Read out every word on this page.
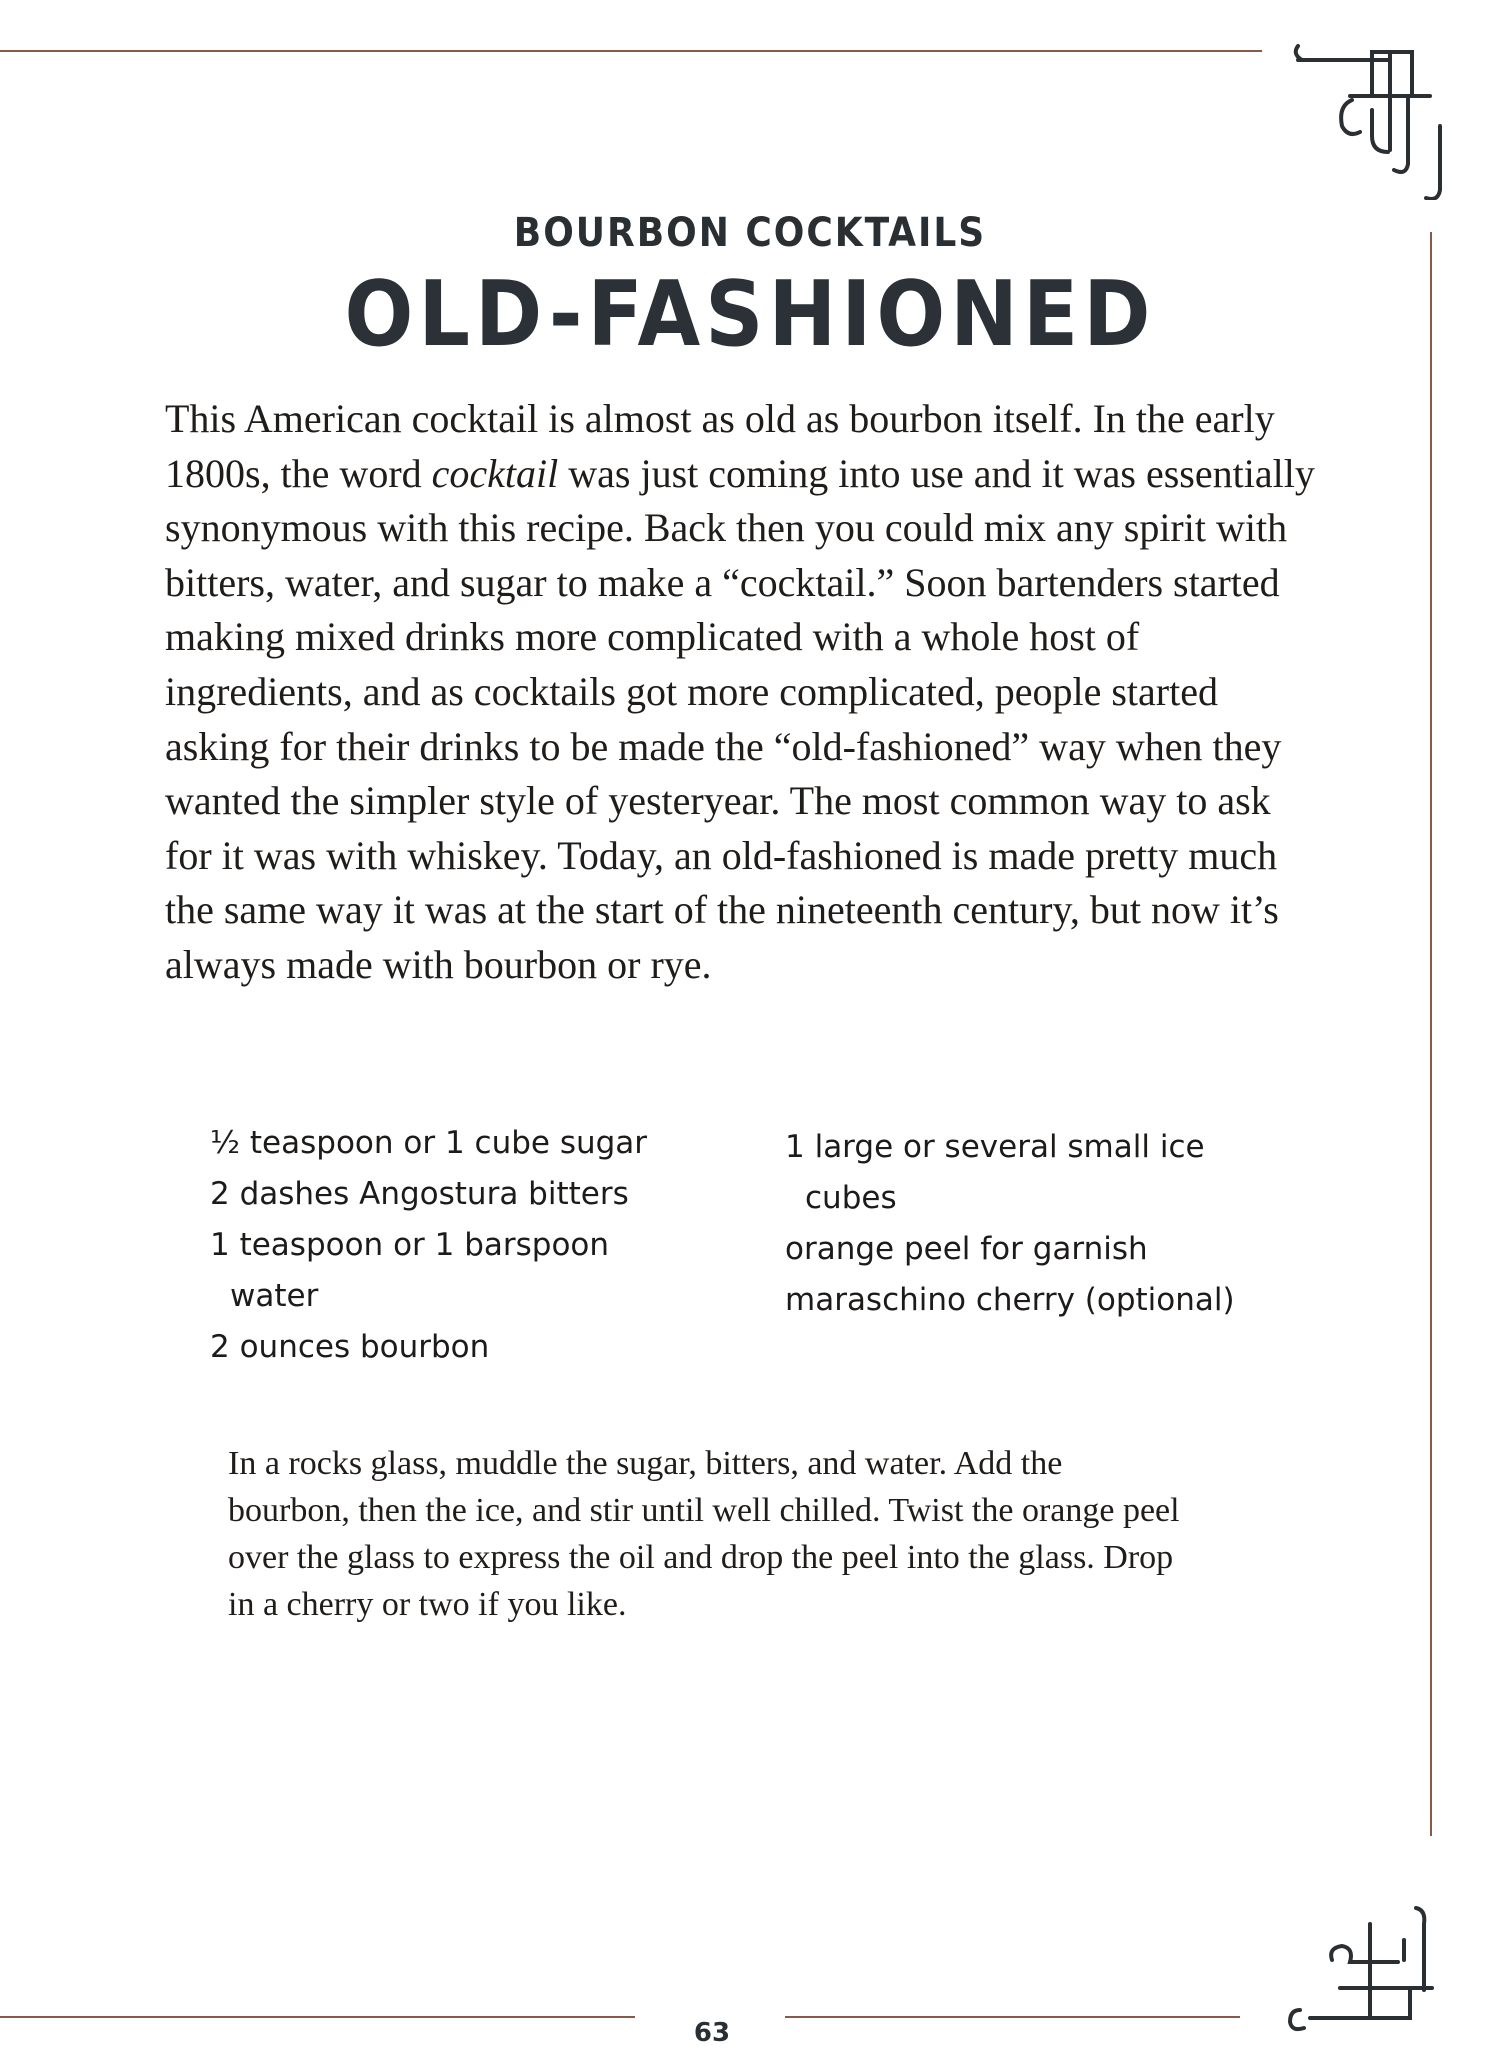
BOURBON COCKTAILS
OLD-FASHIONED

This American cocktail is almost as old as bourbon itself. In the early 1800s, the word cocktail was just coming into use and it was essentially synonymous with this recipe. Back then you could mix any spirit with bitters, water, and sugar to make a “cocktail.” Soon bartenders started making mixed drinks more complicated with a whole host of ingredients, and as cocktails got more complicated, people started asking for their drinks to be made the “old-fashioned” way when they wanted the simpler style of yesteryear. The most common way to ask for it was with whiskey. Today, an old-fashioned is made pretty much the same way it was at the start of the nineteenth century, but now it’s always made with bourbon or rye.

½ teaspoon or 1 cube sugar
2 dashes Angostura bitters
1 teaspoon or 1 barspoon water
2 ounces bourbon
1 large or several small ice cubes
orange peel for garnish
maraschino cherry (optional)

In a rocks glass, muddle the sugar, bitters, and water. Add the bourbon, then the ice, and stir until well chilled. Twist the orange peel over the glass to express the oil and drop the peel into the glass. Drop in a cherry or two if you like.

63
